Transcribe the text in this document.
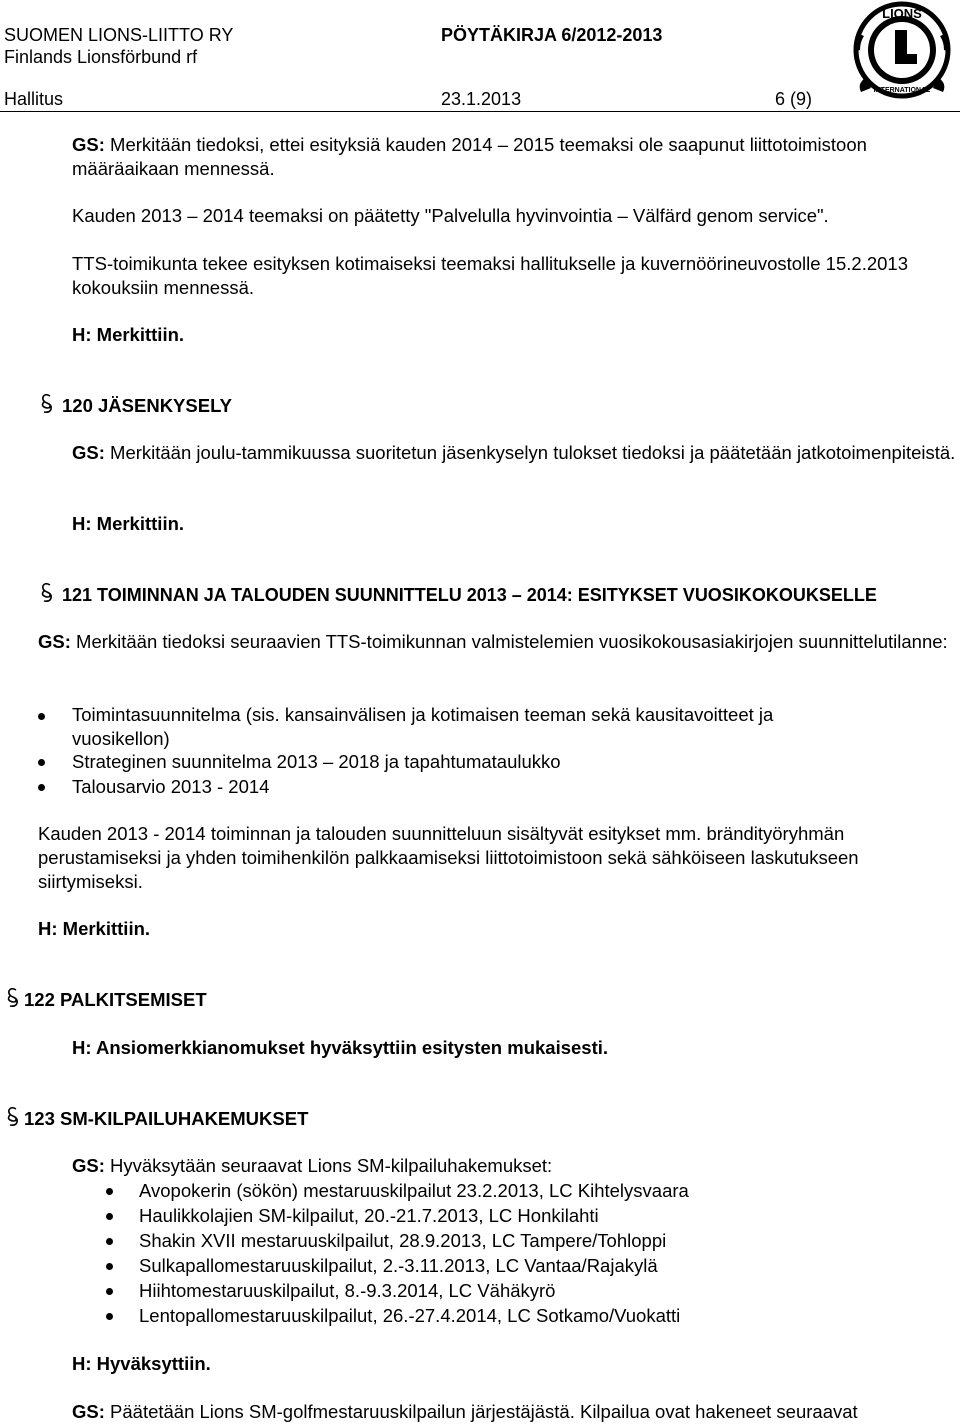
SUOMEN LIONS-LIITTO RY
Finlands Lionsförbund rf
PÖYTÄKIRJA 6/2012-2013
Hallitus	23.1.2013	6 (9)
LIONS
INTERNATIONAL
GS: Merkitään tiedoksi, ettei esityksiä kauden 2014 – 2015 teemaksi ole saapunut liittotoimistoon määräaikaan mennessä.
Kauden 2013 – 2014 teemaksi on päätetty "Palvelulla hyvinvointia – Välfärd genom service".
TTS-toimikunta tekee esityksen kotimaiseksi teemaksi hallitukselle ja kuvernöörineuvostolle 15.2.2013 kokouksiin mennessä.
H: Merkittiin.
120 JÄSENKYSELY
GS: Merkitään joulu-tammikuussa suoritetun jäsenkyselyn tulokset tiedoksi ja päätetään jatkotoimenpiteistä.
H: Merkittiin.
121 TOIMINNAN JA TALOUDEN SUUNNITTELU 2013 – 2014: ESITYKSET VUOSIKOKOUKSELLE
GS: Merkitään tiedoksi seuraavien TTS-toimikunnan valmistelemien vuosikokousasiakirjojen suunnittelutilanne:
Toimintasuunnitelma (sis. kansainvälisen ja kotimaisen teeman sekä kausitavoitteet ja
vuosikellon)
Strateginen suunnitelma 2013 – 2018 ja tapahtumataulukko
Talousarvio 2013 - 2014
Kauden 2013 - 2014 toiminnan ja talouden suunnitteluun sisältyvät esitykset mm. brändityöryhmän perustamiseksi ja yhden toimihenkilön palkkaamiseksi liittotoimistoon sekä sähköiseen laskutukseen siirtymiseksi.
H: Merkittiin.
122 PALKITSEMISET
H: Ansiomerkkianomukset hyväksyttiin esitysten mukaisesti.
123 SM-KILPAILUHAKEMUKSET
GS: Hyväksytään seuraavat Lions SM-kilpailuhakemukset:
Avopokerin (sökön) mestaruuskilpailut 23.2.2013, LC Kihtelysvaara
Haulikkolajien SM-kilpailut, 20.-21.7.2013, LC Honkilahti
Shakin XVII mestaruuskilpailut, 28.9.2013, LC Tampere/Tohloppi
Sulkapallomestaruuskilpailut, 2.-3.11.2013, LC Vantaa/Rajakylä
Hiihtomestaruuskilpailut, 8.-9.3.2014, LC Vähäkyrö
Lentopallomestaruuskilpailut, 26.-27.4.2014, LC Sotkamo/Vuokatti
H: Hyväksyttiin.
GS: Päätetään Lions SM-golfmestaruuskilpailun järjestäjästä. Kilpailua ovat hakeneet seuraavat
